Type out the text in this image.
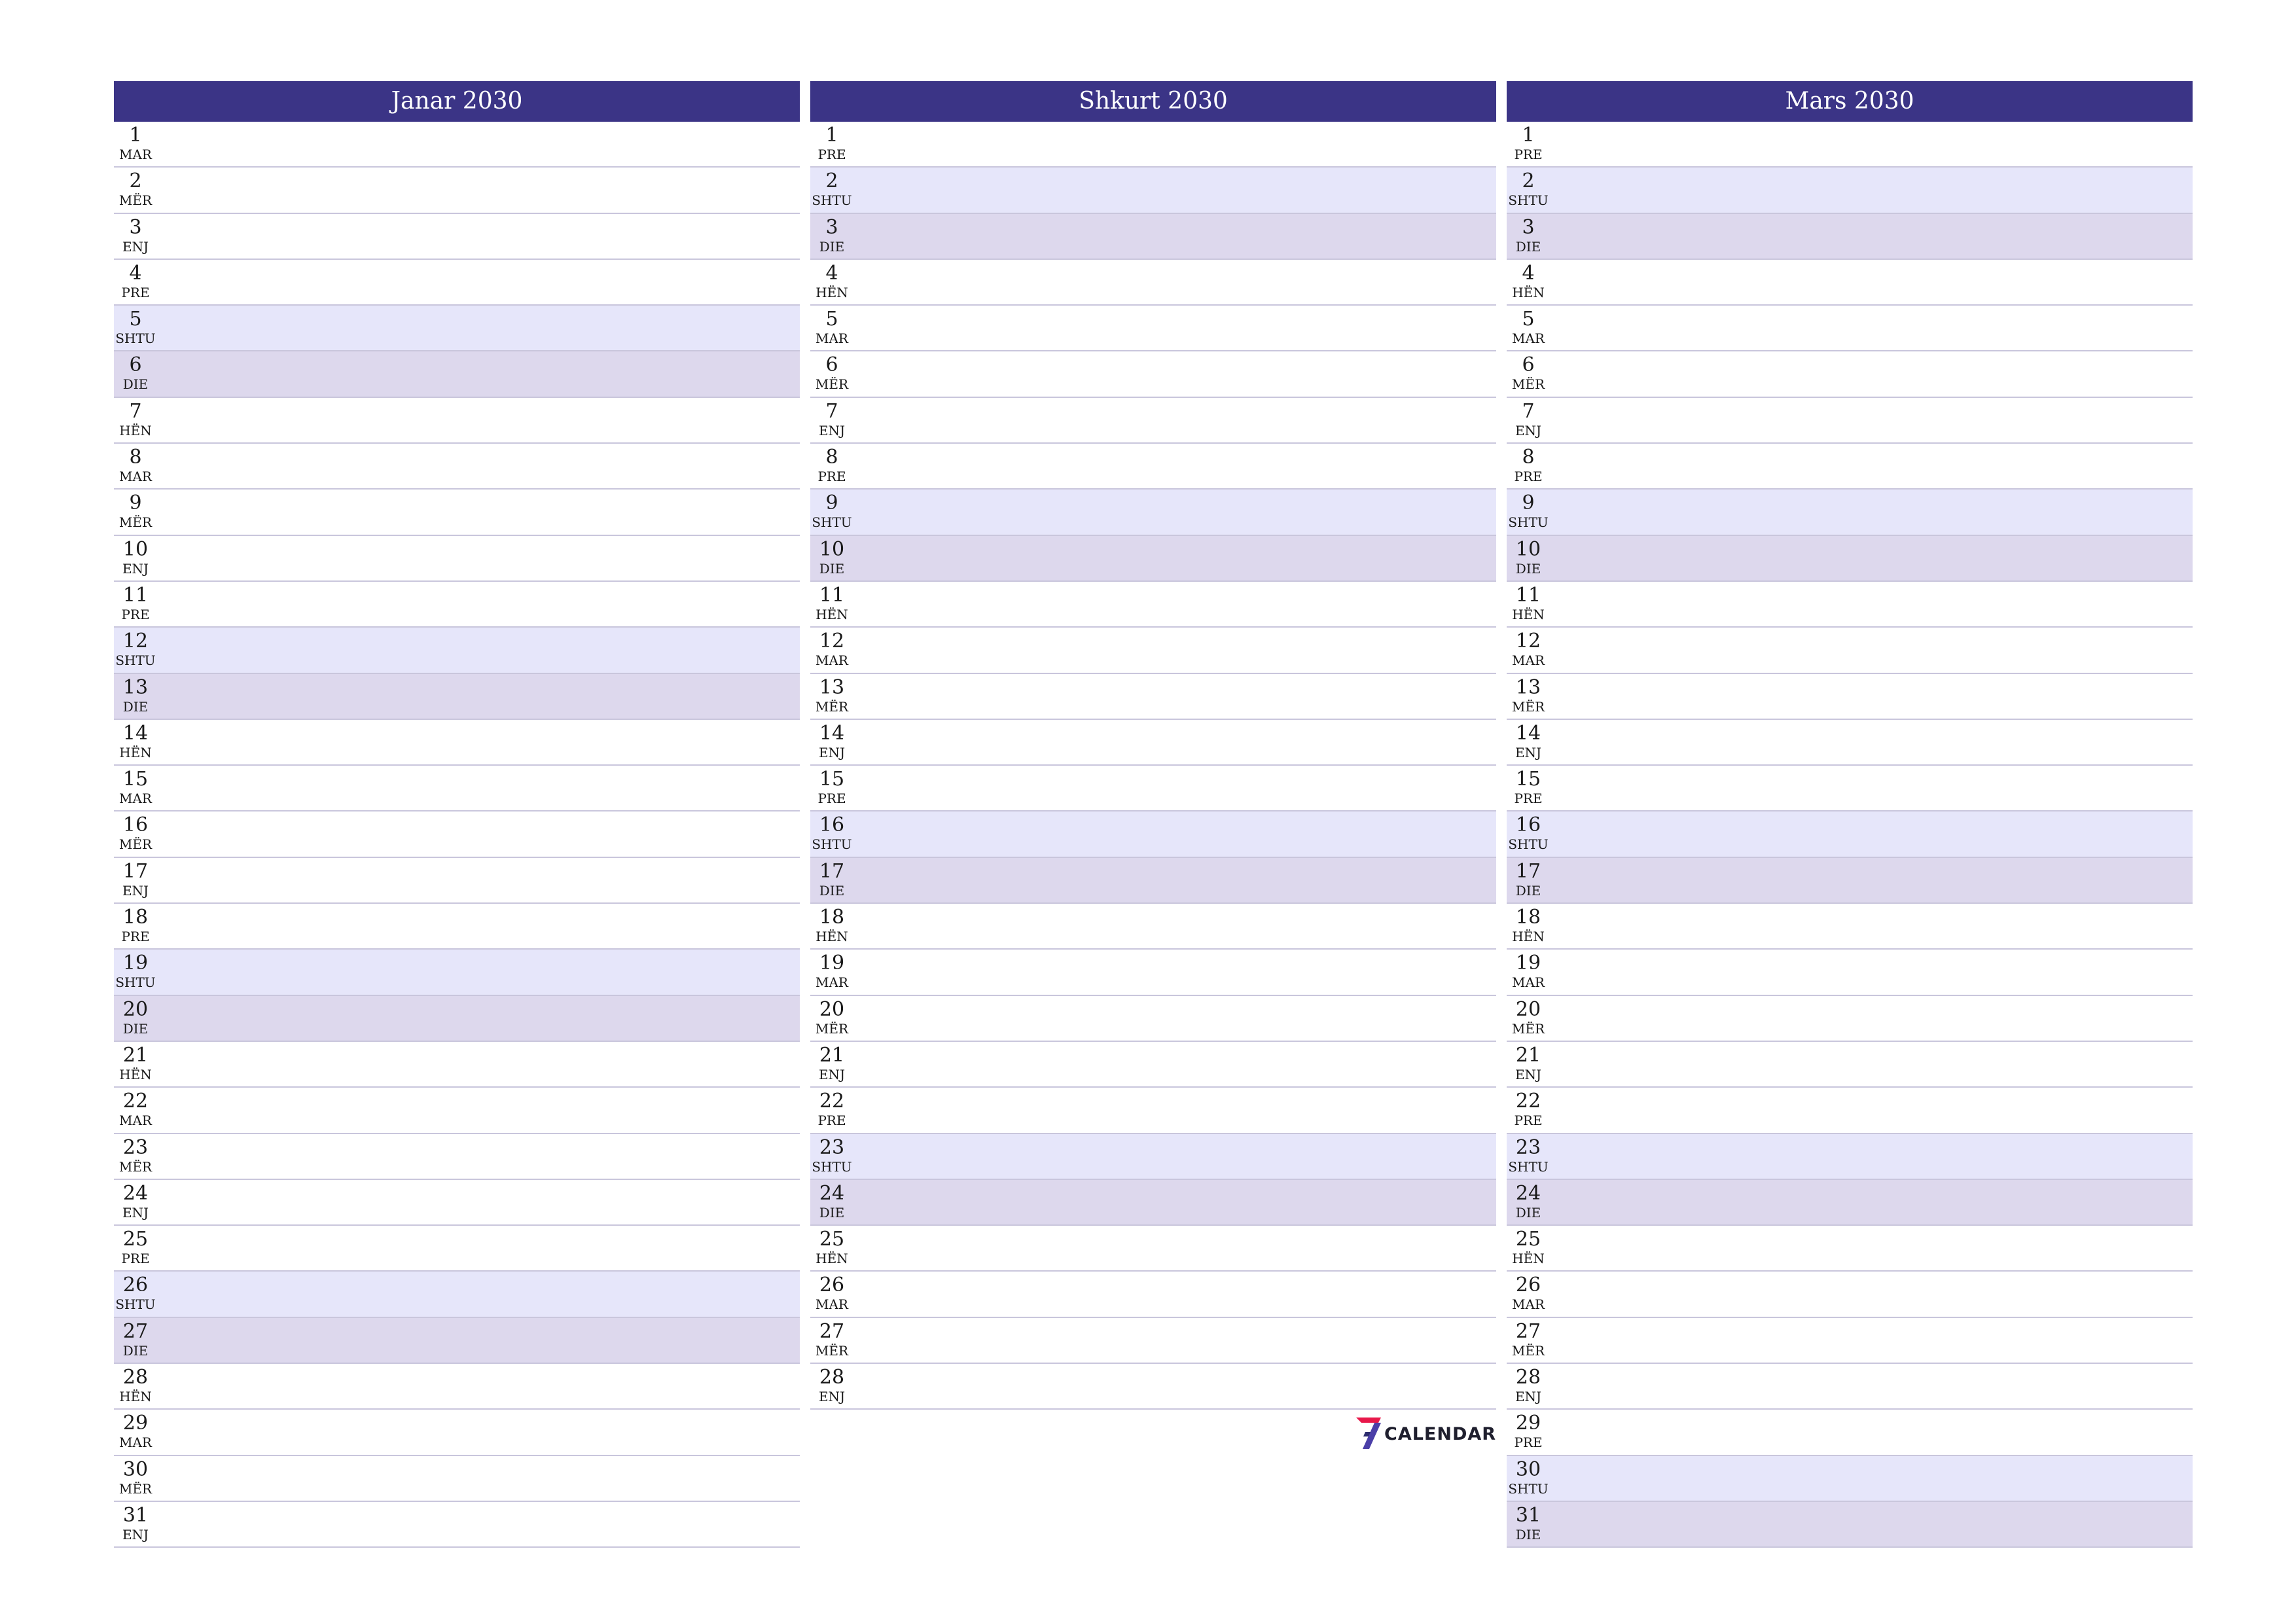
Janar 2030
1
MAR
2
MËR
3
ENJ
4
PRE
5
SHTU
6
DIE
7
HËN
8
MAR
9
MËR
10
ENJ
11
PRE
12
SHTU
13
DIE
14
HËN
15
MAR
16
MËR
17
ENJ
18
PRE
19
SHTU
20
DIE
21
HËN
22
MAR
23
MËR
24
ENJ
25
PRE
26
SHTU
27
DIE
28
HËN
29
MAR
30
MËR
31
ENJ
Shkurt 2030
1
PRE
2
SHTU
3
DIE
4
HËN
5
MAR
6
MËR
7
ENJ
8
PRE
9
SHTU
10
DIE
11
HËN
12
MAR
13
MËR
14
ENJ
15
PRE
16
SHTU
17
DIE
18
HËN
19
MAR
20
MËR
21
ENJ
22
PRE
23
SHTU
24
DIE
25
HËN
26
MAR
27
MËR
28
ENJ
Mars 2030
1
PRE
2
SHTU
3
DIE
4
HËN
5
MAR
6
MËR
7
ENJ
8
PRE
9
SHTU
10
DIE
11
HËN
12
MAR
13
MËR
14
ENJ
15
PRE
16
SHTU
17
DIE
18
HËN
19
MAR
20
MËR
21
ENJ
22
PRE
23
SHTU
24
DIE
25
HËN
26
MAR
27
MËR
28
ENJ
29
PRE
30
SHTU
31
DIE
CALENDAR
